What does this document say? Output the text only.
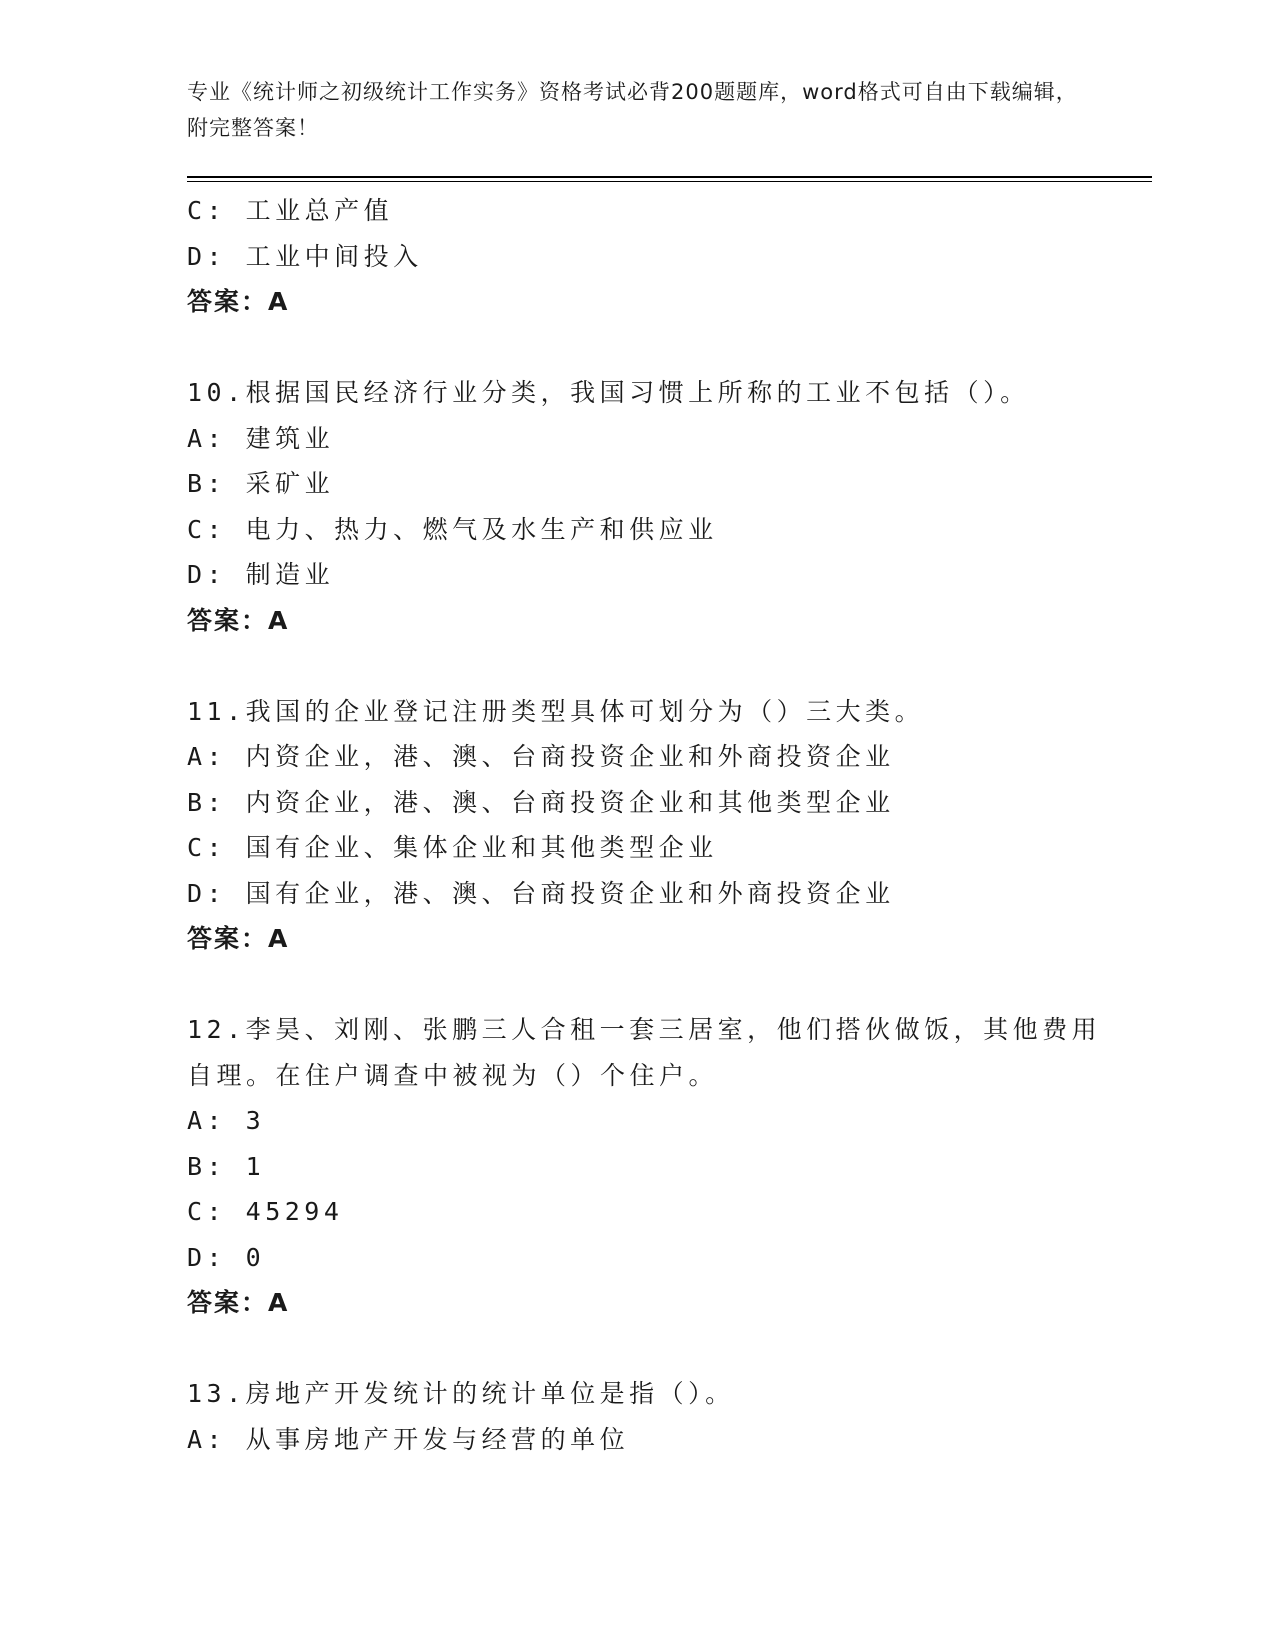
专业《统计师之初级统计工作实务》资格考试必背200题题库，word格式可自由下载编辑，附完整答案！
C: 工业总产值
D: 工业中间投入
答案：A
10.根据国民经济行业分类，我国习惯上所称的工业不包括（）。
A: 建筑业
B: 采矿业
C: 电力、热力、燃气及水生产和供应业
D: 制造业
答案：A
11.我国的企业登记注册类型具体可划分为（）三大类。
A: 内资企业，港、澳、台商投资企业和外商投资企业
B: 内资企业，港、澳、台商投资企业和其他类型企业
C: 国有企业、集体企业和其他类型企业
D: 国有企业，港、澳、台商投资企业和外商投资企业
答案：A
12.李昊、刘刚、张鹏三人合租一套三居室，他们搭伙做饭，其他费用
自理。在住户调查中被视为（）个住户。
A: 3
B: 1
C: 45294
D: 0
答案：A
13.房地产开发统计的统计单位是指（）。
A: 从事房地产开发与经营的单位
